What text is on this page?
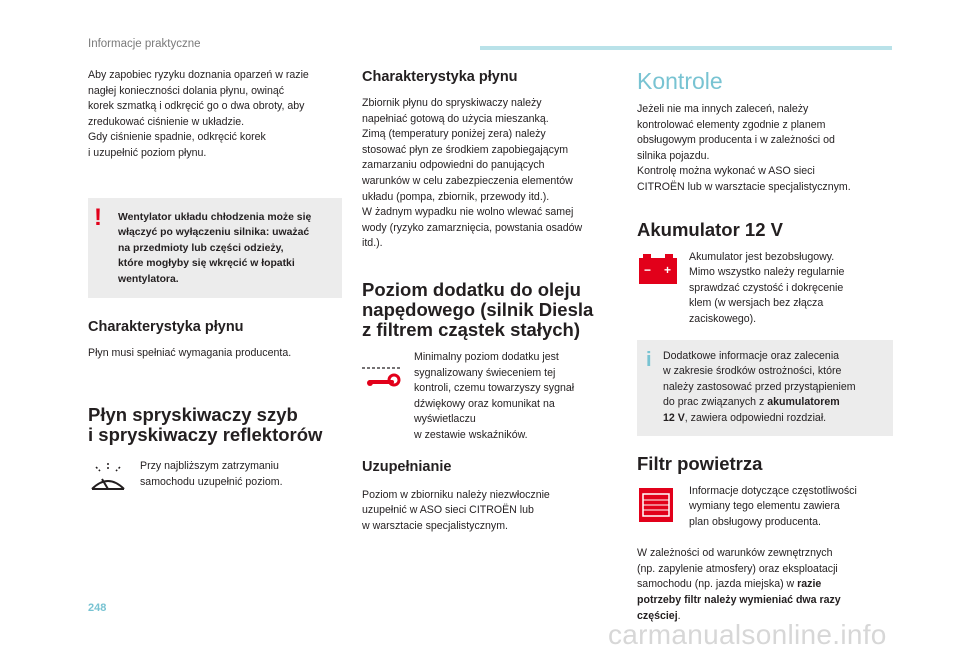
Informacje praktyczne

Aby zapobiec ryzyku doznania oparzeń w razie
nagłej konieczności dolania płynu, owinąć
korek szmatką i odkręcić go o dwa obroty, aby
zredukować ciśnienie w układzie.
Gdy ciśnienie spadnie, odkręcić korek
i uzupełnić poziom płynu.

! Wentylator układu chłodzenia może się
włączyć po wyłączeniu silnika: uważać
na przedmioty lub części odzieży,
które mogłyby się wkręcić w łopatki
wentylatora.
Charakterystyka płynu

Płyn musi spełniać wymagania producenta.

Płyn spryskiwaczy szyb
i spryskiwaczy reflektorów
Przy najbliższym zatrzymaniu
samochodu uzupełnić poziom.
Charakterystyka płynu

Zbiornik płynu do spryskiwaczy należy
napełniać gotową do użycia mieszanką.
Zimą (temperatury poniżej zera) należy
stosować płyn ze środkiem zapobiegającym
zamarzaniu odpowiedni do panujących
warunków w celu zabezpieczenia elementów
układu (pompa, zbiornik, przewody itd.).
W żadnym wypadku nie wolno wlewać samej
wody (ryzyko zamarznięcia, powstania osadów
itd.).

Poziom dodatku do oleju
napędowego (silnik Diesla
z filtrem cząstek stałych)
Minimalny poziom dodatku jest
sygnalizowany świeceniem tej
kontroli, czemu towarzyszy sygnał
dźwiękowy oraz komunikat na
wyświetlaczu
w zestawie wskaźników.
Uzupełnianie

Poziom w zbiorniku należy niezwłocznie
uzupełnić w ASO sieci CITROËN lub
w warsztacie specjalistycznym.

Kontrole

Jeżeli nie ma innych zaleceń, należy
kontrolować elementy zgodnie z planem
obsługowym producenta i w zależności od
silnika pojazdu.
Kontrolę można wykonać w ASO sieci
CITROËN lub w warsztacie specjalistycznym.

Akumulator 12 V
− +
Akumulator jest bezobsługowy.
Mimo wszystko należy regularnie
sprawdzać czystość i dokręcenie
klem (w wersjach bez złącza
zaciskowego).
i Dodatkowe informacje oraz zalecenia
w zakresie środków ostrożności, które
należy zastosować przed przystąpieniem
do prac związanych z akumulatorem
12 V, zawiera odpowiedni rozdział.
Filtr powietrza
Informacje dotyczące częstotliwości
wymiany tego elementu zawiera
plan obsługowy producenta.

W zależności od warunków zewnętrznych
(np. zapylenie atmosfery) oraz eksploatacji
samochodu (np. jazda miejska) w razie
potrzeby filtr należy wymieniać dwa razy
częściej.

248
carmanualsonline.info
